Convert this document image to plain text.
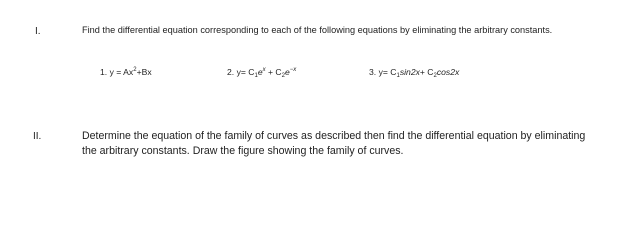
I.	Find the differential equation corresponding to each of the following equations by eliminating the arbitrary constants.
1. $y = Ax^2+Bx$	2. $y= C_1e^x + C_2e^{-x}$	3. $y= C_1\sin 2x+ C_2\cos 2x$
II.	Determine the equation of the family of curves as described then find the differential equation by eliminating the arbitrary constants. Draw the figure showing the family of curves.
